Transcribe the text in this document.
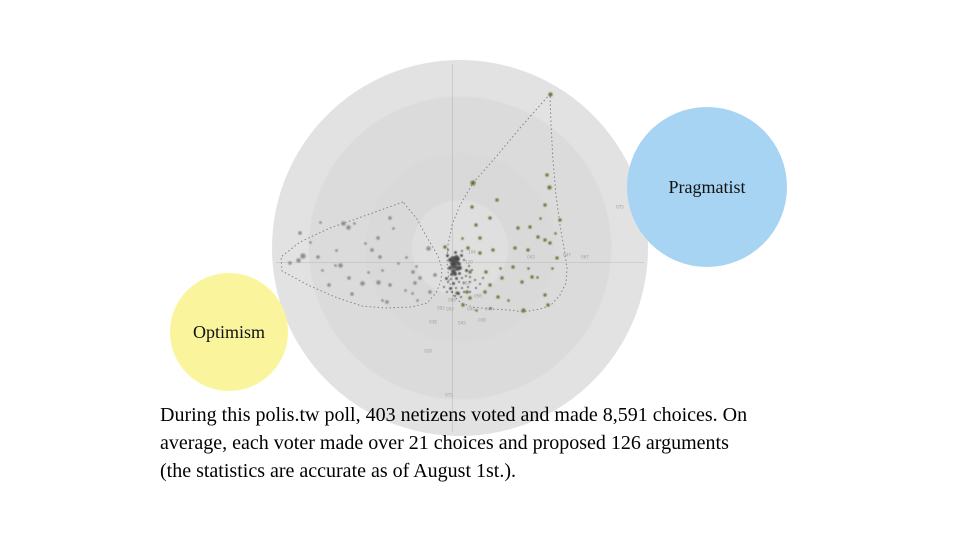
002 003	049	047
038	045
038
028
075
075
047
043	067
104
120
092
088
056
Pragmatist
Optimism
During this polis.tw poll, 403 netizens voted and made 8,591 choices. On
average, each voter made over 21 choices and proposed 126 arguments
(the statistics are accurate as of August 1st.).
